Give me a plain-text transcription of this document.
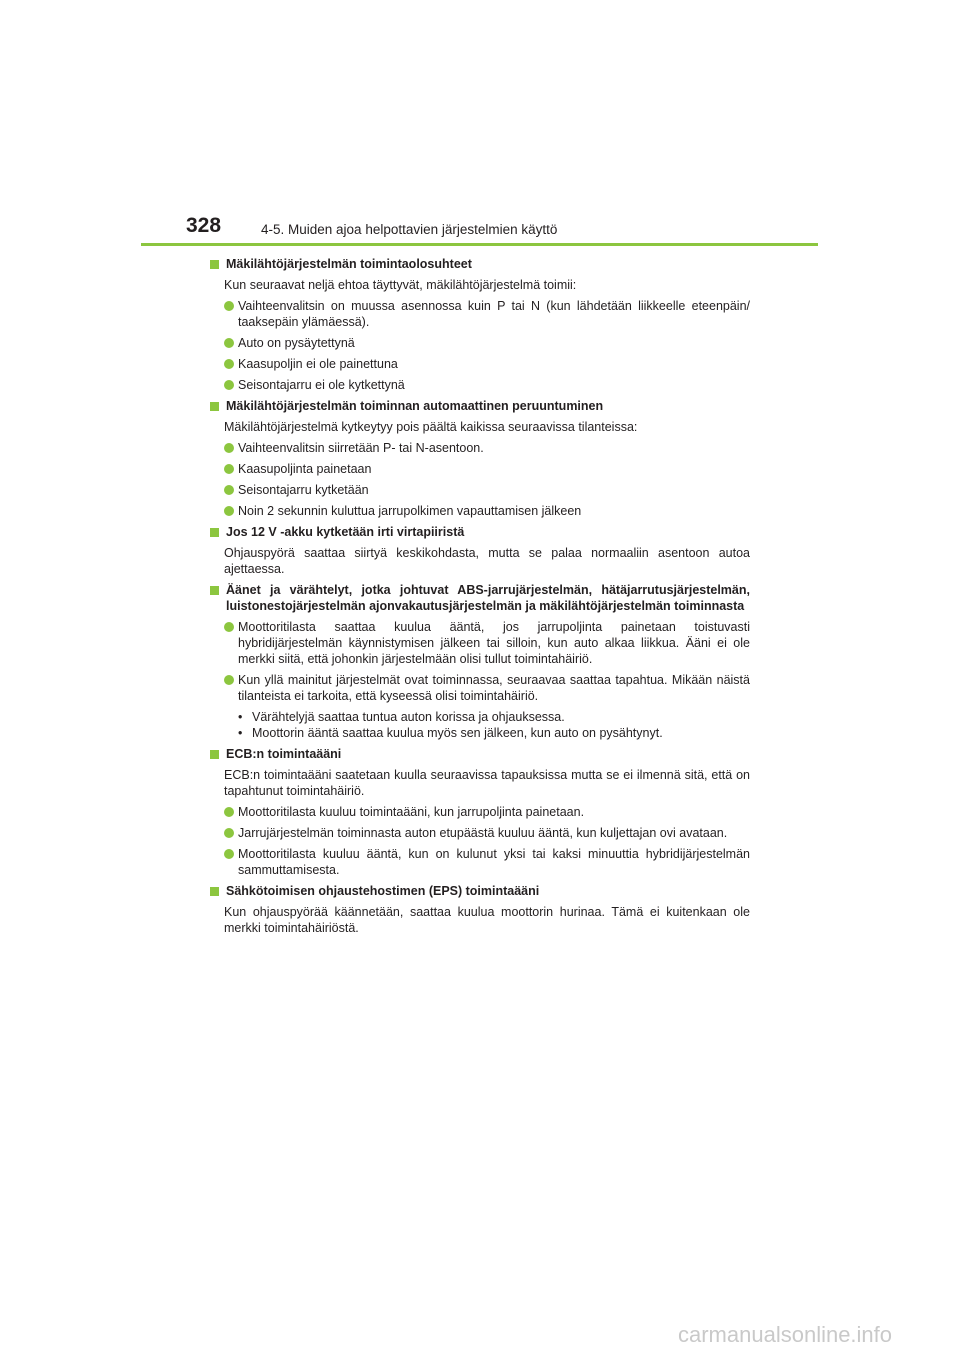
328	4-5. Muiden ajoa helpottavien järjestelmien käyttö
Mäkilähtöjärjestelmän toimintaolosuhteet
Kun seuraavat neljä ehtoa täyttyvät, mäkilähtöjärjestelmä toimii:
Vaihteenvalitsin on muussa asennossa kuin P tai N (kun lähdetään liikkeelle eteenpäin/ taaksepäin ylämäessä).
Auto on pysäytettynä
Kaasupoljin ei ole painettuna
Seisontajarru ei ole kytkettynä
Mäkilähtöjärjestelmän toiminnan automaattinen peruuntuminen
Mäkilähtöjärjestelmä kytkeytyy pois päältä kaikissa seuraavissa tilanteissa:
Vaihteenvalitsin siirretään P- tai N-asentoon.
Kaasupoljinta painetaan
Seisontajarru kytketään
Noin 2 sekunnin kuluttua jarrupolkimen vapauttamisen jälkeen
Jos 12 V -akku kytketään irti virtapiiristä
Ohjauspyörä saattaa siirtyä keskikohdasta, mutta se palaa normaaliin asentoon autoa ajettaessa.
Äänet ja värähtelyt, jotka johtuvat ABS-jarrujärjestelmän, hätäjarrutusjärjestelmän, luistonestojärjestelmän ajonvakautusjärjestelmän ja mäkilähtöjärjestelmän toiminnasta
Moottoritilasta saattaa kuulua ääntä, jos jarrupoljinta painetaan toistuvasti hybridijärjestelmän käynnistymisen jälkeen tai silloin, kun auto alkaa liikkua. Ääni ei ole merkki siitä, että johonkin järjestelmään olisi tullut toimintahäiriö.
Kun yllä mainitut järjestelmät ovat toiminnassa, seuraavaa saattaa tapahtua. Mikään näistä tilanteista ei tarkoita, että kyseessä olisi toimintahäiriö.
• Värähtelyjä saattaa tuntua auton korissa ja ohjauksessa.
• Moottorin ääntä saattaa kuulua myös sen jälkeen, kun auto on pysähtynyt.
ECB:n toimintaääni
ECB:n toimintaääni saatetaan kuulla seuraavissa tapauksissa mutta se ei ilmennä sitä, että on tapahtunut toimintahäiriö.
Moottoritilasta kuuluu toimintaääni, kun jarrupoljinta painetaan.
Jarrujärjestelmän toiminnasta auton etupäästä kuuluu ääntä, kun kuljettajan ovi avataan.
Moottoritilasta kuuluu ääntä, kun on kulunut yksi tai kaksi minuuttia hybridijärjestelmän sammuttamisesta.
Sähkötoimisen ohjaustehostimen (EPS) toimintaääni
Kun ohjauspyörää käännetään, saattaa kuulua moottorin hurinaa. Tämä ei kuitenkaan ole merkki toimintahäiriöstä.
carmanualsonline.info
